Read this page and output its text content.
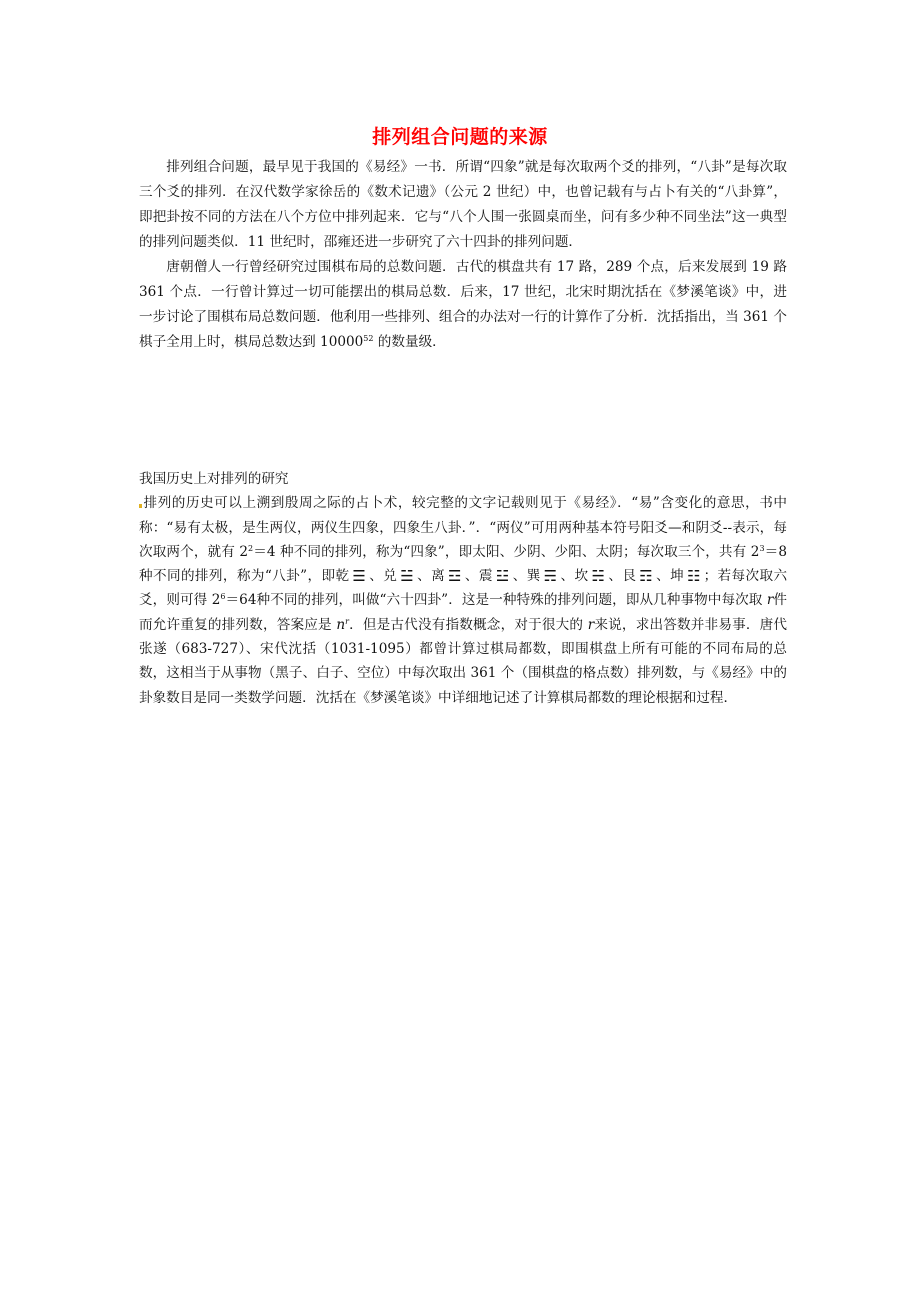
排列组合问题的来源

排列组合问题，最早见于我国的《易经》一书．所谓“四象”就是每次取两个爻的排列，“八卦”是每次取三个爻的排列．在汉代数学家徐岳的《数术记遗》（公元 2 世纪）中，也曾记载有与占卜有关的“八卦算”，即把卦按不同的方法在八个方位中排列起来．它与“八个人围一张圆桌而坐，问有多少种不同坐法”这一典型的排列问题类似．11 世纪时，邵雍还进一步研究了六十四卦的排列问题．

唐朝僧人一行曾经研究过围棋布局的总数问题．古代的棋盘共有 17 路，289 个点，后来发展到 19 路 361 个点．一行曾计算过一切可能摆出的棋局总数．后来，17 世纪，北宋时期沈括在《梦溪笔谈》中，进一步讨论了围棋布局总数问题．他利用一些排列、组合的办法对一行的计算作了分析．沈括指出，当 361 个棋子全用上时，棋局总数达到 10000$^{52}$ 的数量级．

我国历史上对排列的研究

排列的历史可以上溯到殷周之际的占卜术，较完整的文字记载则见于《易经》．“易”含变化的意思，书中称：“易有太极，是生两仪，两仪生四象，四象生八卦．”．“两仪”可用两种基本符号阳爻—和阴爻--表示，每次取两个，就有 $2^2=4$ 种不同的排列，称为“四象”，即太阳、少阴、少阳、太阴；每次取三个，共有 $2^3=8$ 种不同的排列，称为“八卦”，即乾 ☰ 、兑 ☱ 、离 ☲ 、震 ☳ 、巽 ☴ 、坎 ☵ 、艮 ☶ 、坤 ☷ ；若每次取六爻，则可得 $2^6=64$种不同的排列，叫做“六十四卦”．这是一种特殊的排列问题，即从几种事物中每次取 r件而允许重复的排列数，答案应是 $n^r$．但是古代没有指数概念，对于很大的 r来说，求出答数并非易事．唐代张遂（683-727）、宋代沈括（1031-1095）都曾计算过棋局都数，即围棋盘上所有可能的不同布局的总数，这相当于从事物（黑子、白子、空位）中每次取出 361 个（围棋盘的格点数）排列数，与《易经》中的卦象数目是同一类数学问题．沈括在《梦溪笔谈》中详细地记述了计算棋局都数的理论根据和过程．
